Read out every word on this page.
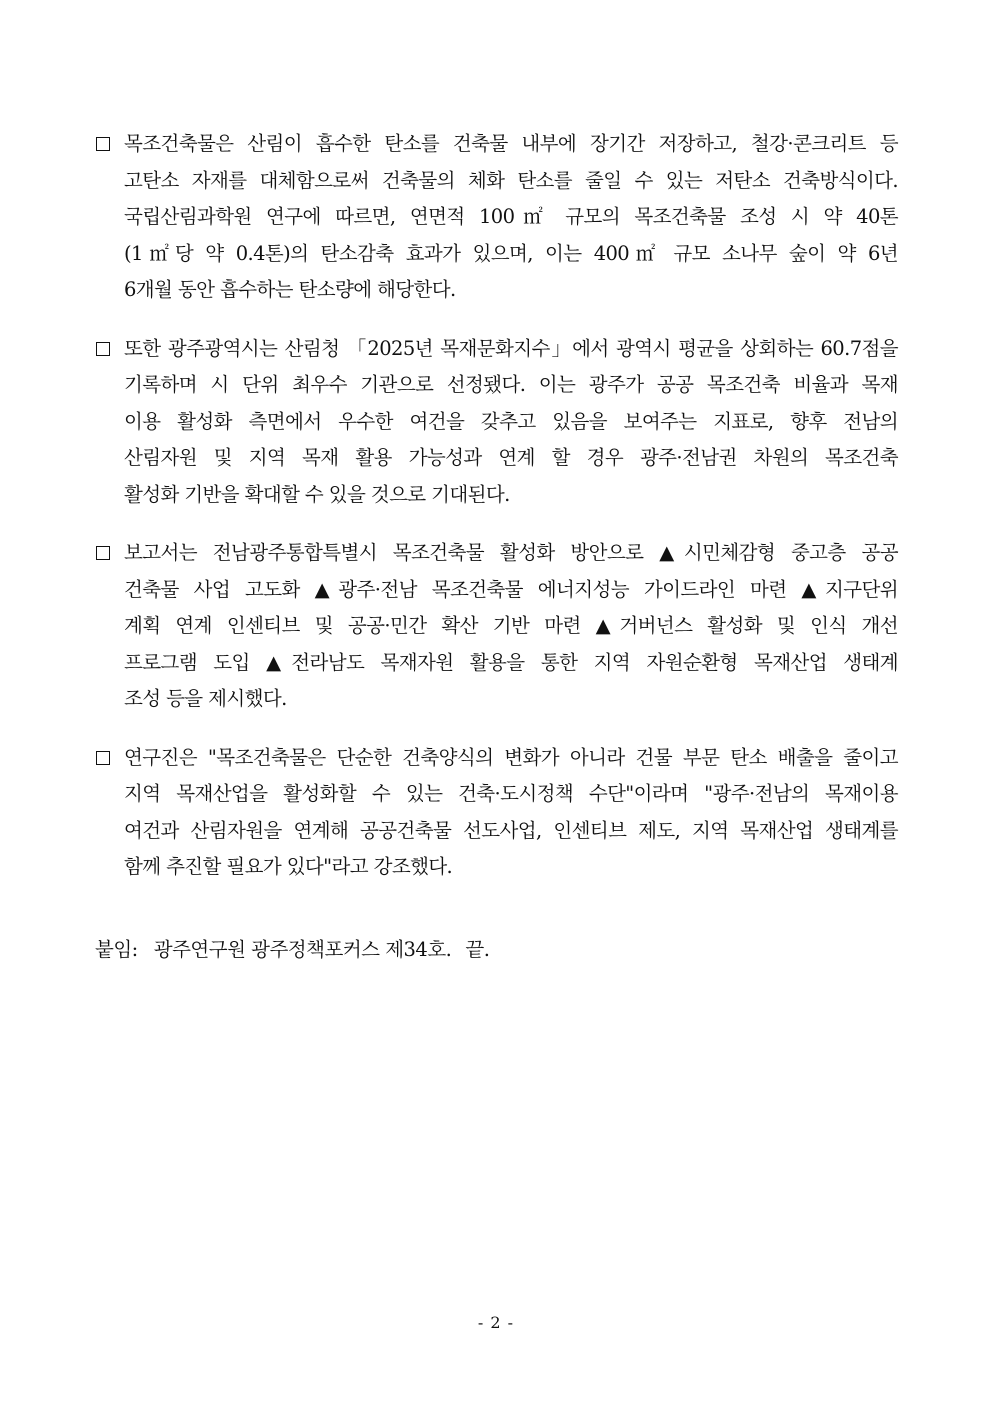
목조건축물은 산림이 흡수한 탄소를 건축물 내부에 장기간 저장하고, 철강·콘크리트 등
고탄소 자재를 대체함으로써 건축물의 체화 탄소를 줄일 수 있는 저탄소 건축방식이다.
국립산림과학원 연구에 따르면, 연면적 100㎡ 규모의 목조건축물 조성 시 약 40톤
(1㎡당 약 0.4톤)의 탄소감축 효과가 있으며, 이는 400㎡ 규모 소나무 숲이 약 6년
6개월 동안 흡수하는 탄소량에 해당한다.
또한 광주광역시는 산림청 「2025년 목재문화지수」에서 광역시 평균을 상회하는 60.7점을
기록하며 시 단위 최우수 기관으로 선정됐다. 이는 광주가 공공 목조건축 비율과 목재
이용 활성화 측면에서 우수한 여건을 갖추고 있음을 보여주는 지표로, 향후 전남의
산림자원 및 지역 목재 활용 가능성과 연계 할 경우 광주·전남권 차원의 목조건축
활성화 기반을 확대할 수 있을 것으로 기대된다.
보고서는 전남광주통합특별시 목조건축물 활성화 방안으로 ▲시민체감형 중고층 공공
건축물 사업 고도화 ▲광주·전남 목조건축물 에너지성능 가이드라인 마련 ▲지구단위
계획 연계 인센티브 및 공공·민간 확산 기반 마련 ▲거버넌스 활성화 및 인식 개선
프로그램 도입 ▲전라남도 목재자원 활용을 통한 지역 자원순환형 목재산업 생태계
조성 등을 제시했다.
연구진은 "목조건축물은 단순한 건축양식의 변화가 아니라 건물 부문 탄소 배출을 줄이고
지역 목재산업을 활성화할 수 있는 건축·도시정책 수단"이라며 "광주·전남의 목재이용
여건과 산림자원을 연계해 공공건축물 선도사업, 인센티브 제도, 지역 목재산업 생태계를
함께 추진할 필요가 있다"라고 강조했다.
붙임: 광주연구원 광주정책포커스 제34호. 끝.
- 2 -
